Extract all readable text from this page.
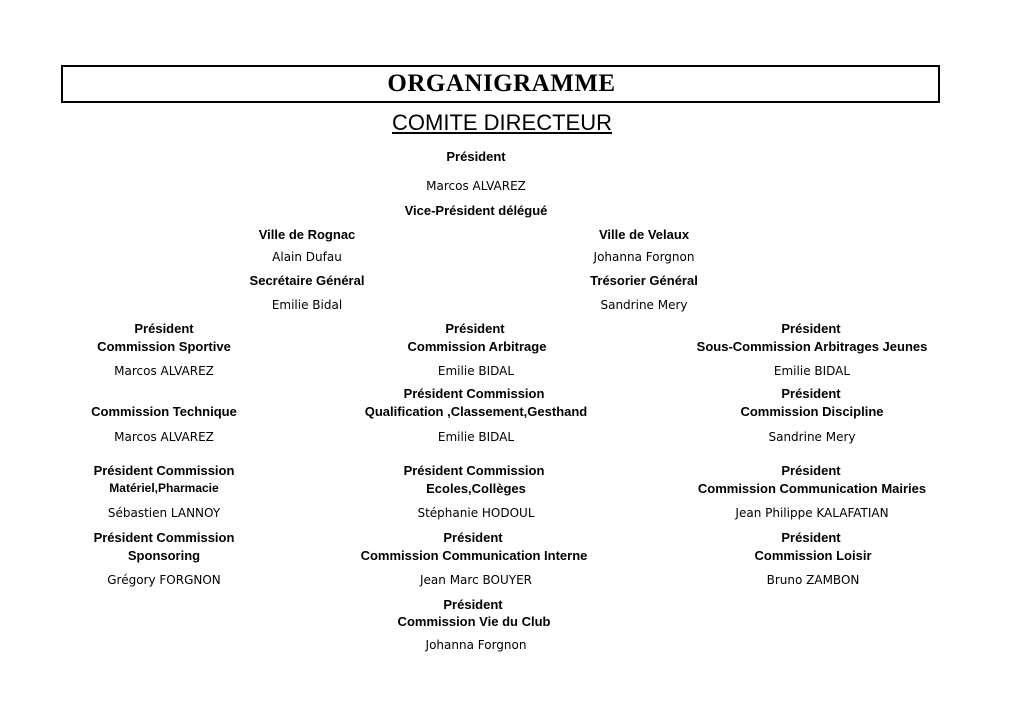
ORGANIGRAMME
COMITE DIRECTEUR
Président
Marcos ALVAREZ
Vice-Président délégué
Ville de Rognac
Alain Dufau
Ville de Velaux
Johanna Forgnon
Secrétaire Général
Emilie Bidal
Trésorier Général
Sandrine Mery
Président
Commission Sportive
Marcos ALVAREZ
Président
Commission Arbitrage
Emilie BIDAL
Président
Sous-Commission Arbitrages Jeunes
Emilie BIDAL
Commission Technique
Marcos ALVAREZ
Président Commission
Qualification ,Classement,Gesthand
Emilie BIDAL
Président
Commission Discipline
Sandrine Mery
Président Commission
Matériel,Pharmacie
Sébastien LANNOY
Président Commission
Ecoles,Collèges
Stéphanie HODOUL
Président
Commission Communication Mairies
Jean Philippe KALAFATIAN
Président Commission
Sponsoring
Grégory FORGNON
Président
Commission Communication Interne
Jean Marc BOUYER
Président
Commission Loisir
Bruno ZAMBON
Président
Commission Vie du Club
Johanna Forgnon
